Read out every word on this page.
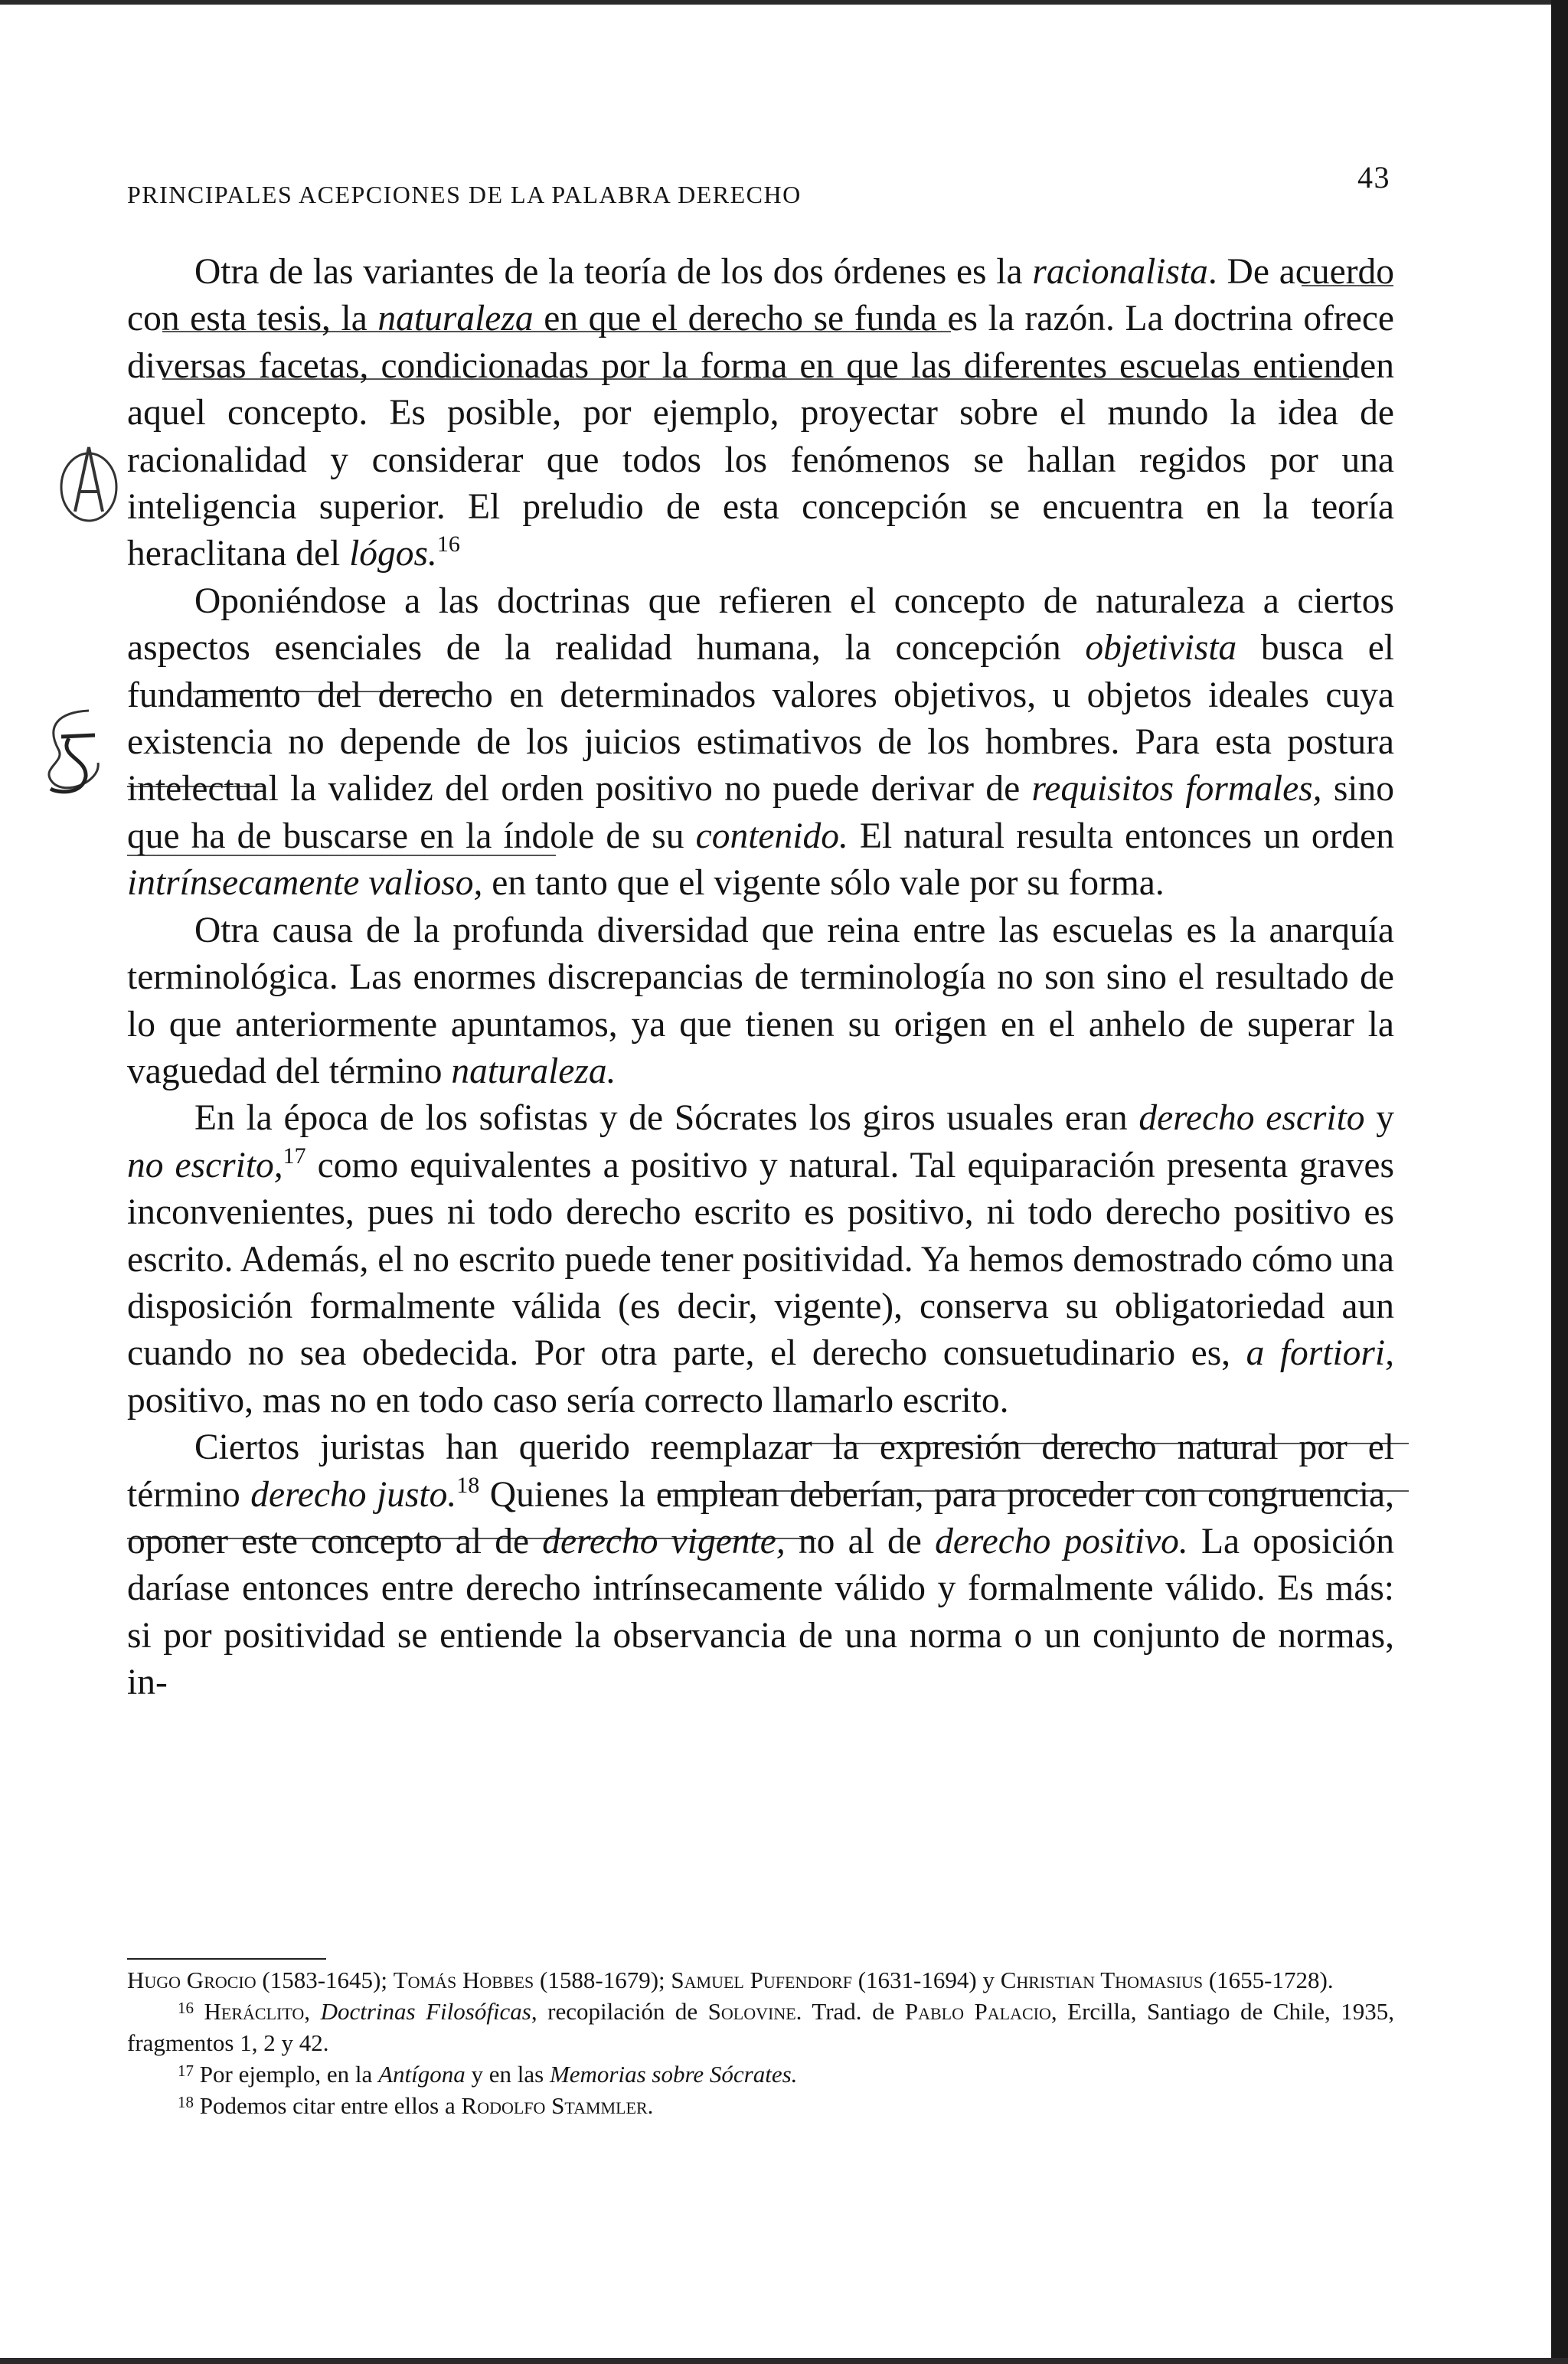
PRINCIPALES ACEPCIONES DE LA PALABRA DERECHO	43
A
5

Otra de las variantes de la teoría de los dos órdenes es la racionalista. De acuerdo con esta tesis, la naturaleza en que el derecho se funda es la razón. La doctrina ofrece diversas facetas, condicionadas por la forma en que las diferentes escuelas entienden aquel concepto. Es posible, por ejemplo, proyectar sobre el mundo la idea de racionalidad y considerar que todos los fenómenos se hallan regidos por una inteligencia superior. El preludio de esta concepción se encuentra en la teoría heraclitana del lógos.$^{16}$

Oponiéndose a las doctrinas que refieren el concepto de naturaleza a ciertos aspectos esenciales de la realidad humana, la concepción objetivista busca el fundamento del derecho en determinados valores objetivos, u objetos ideales cuya existencia no depende de los juicios estimativos de los hombres. Para esta postura intelectual la validez del orden positivo no puede derivar de requisitos formales, sino que ha de buscarse en la índole de su contenido. El natural resulta entonces un orden intrínsecamente valioso, en tanto que el vigente sólo vale por su forma.

Otra causa de la profunda diversidad que reina entre las escuelas es la anarquía terminológica. Las enormes discrepancias de terminología no son sino el resultado de lo que anteriormente apuntamos, ya que tienen su origen en el anhelo de superar la vaguedad del término naturaleza.

En la época de los sofistas y de Sócrates los giros usuales eran derecho escrito y no escrito,$^{17}$ como equivalentes a positivo y natural. Tal equiparación presenta graves inconvenientes, pues ni todo derecho escrito es positivo, ni todo derecho positivo es escrito. Además, el no escrito puede tener positividad. Ya hemos demostrado cómo una disposición formalmente válida (es decir, vigente), conserva su obligatoriedad aun cuando no sea obedecida. Por otra parte, el derecho consuetudinario es, a fortiori, positivo, mas no en todo caso sería correcto llamarlo escrito.

Ciertos juristas han querido reemplazar la expresión derecho natural por el término derecho justo.$^{18}$ Quienes la emplean deberían, para proceder con congruencia, oponer este concepto al de derecho vigente, no al de derecho positivo. La oposición daríase entonces entre derecho intrínsecamente válido y formalmente válido. Es más: si por positividad se entiende la observancia de una norma o un conjunto de normas, in-

Hugo Grocio (1583-1645); Tomás Hobbes (1588-1679); Samuel Pufendorf (1631-1694) y Christian Thomasius (1655-1728).

$^{16}$ Heráclito, Doctrinas Filosóficas, recopilación de Solovine. Trad. de Pablo Palacio, Ercilla, Santiago de Chile, 1935, fragmentos 1, 2 y 42.

$^{17}$ Por ejemplo, en la Antígona y en las Memorias sobre Sócrates.

$^{18}$ Podemos citar entre ellos a Rodolfo Stammler.
